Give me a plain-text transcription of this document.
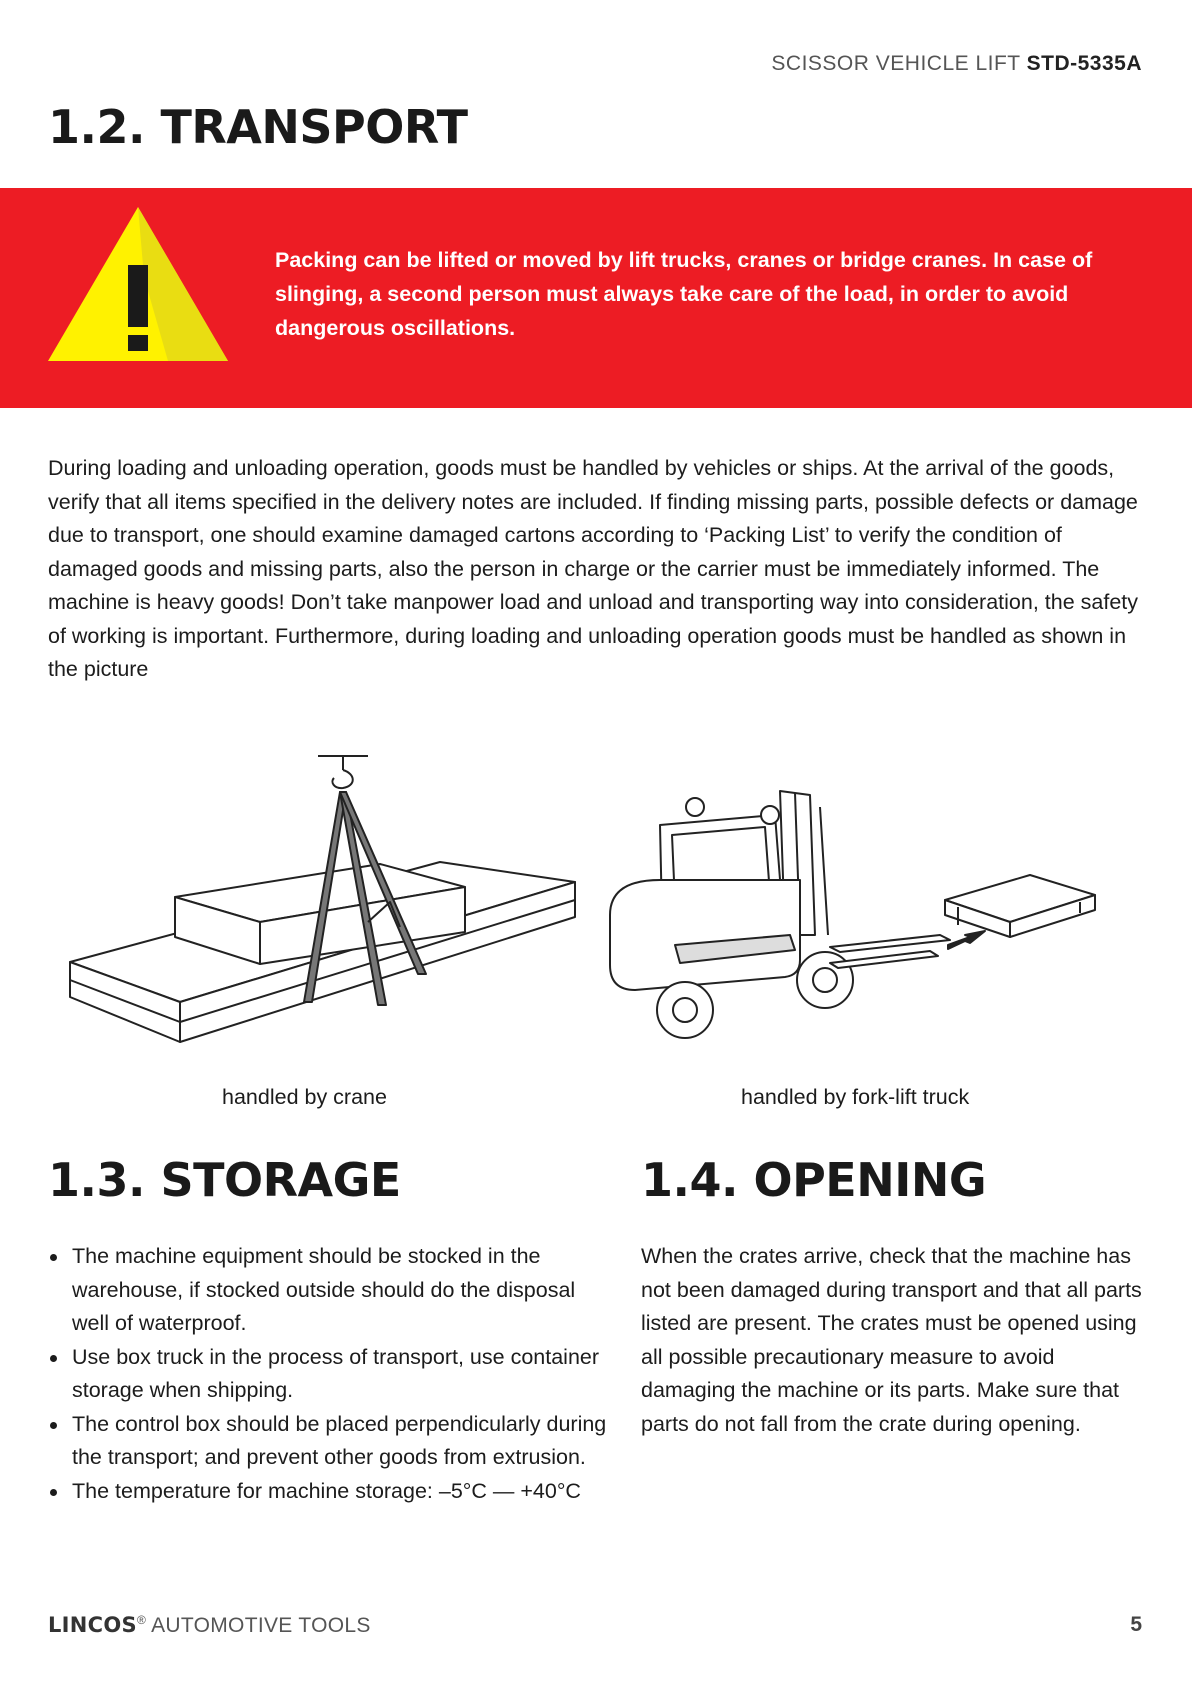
SCISSOR VEHICLE LIFT STD-5335A
1.2. TRANSPORT
Packing can be lifted or moved by lift trucks, cranes or bridge cranes. In case of slinging, a second person must always take care of the load, in order to avoid dangerous oscillations.

During loading and unloading operation, goods must be handled by vehicles or ships. At the arrival of the goods, verify that all items specified in the delivery notes are included. If finding missing parts, possible defects or damage due to transport, one should examine damaged cartons according to ‘Packing List’ to verify the condition of damaged goods and missing parts, also the person in charge or the carrier must be immediately informed. The machine is heavy goods! Don’t take manpower load and unload and transporting way into consideration, the safety of working is important. Furthermore, during loading and unloading operation goods must be handled as shown in the picture

handled by crane	handled by fork-lift truck
1.3. STORAGE	1.4. OPENING
The machine equipment should be stocked in the warehouse, if stocked outside should do the disposal well of waterproof.
Use box truck in the process of transport, use container storage when shipping.
The control box should be placed perpendicularly during the transport; and prevent other goods from extrusion.
The temperature for machine storage: –5°C — +40°C

When the crates arrive, check that the machine has not been damaged during transport and that all parts listed are present. The crates must be opened using all possible precautionary measure to avoid damaging the machine or its parts. Make sure that parts do not fall from the crate during opening.

LINCOS® AUTOMOTIVE TOOLS	5
